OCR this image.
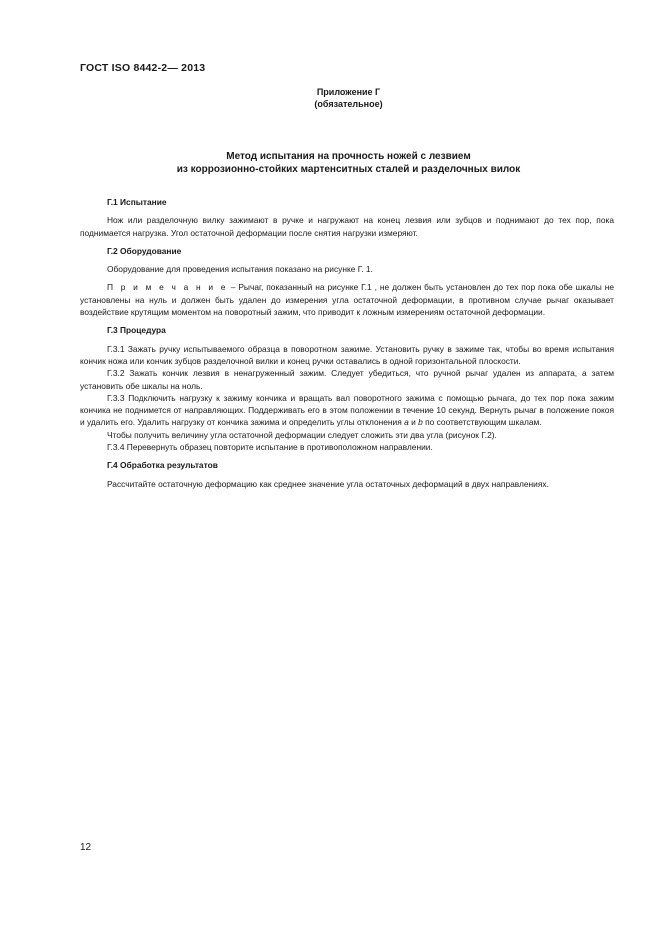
ГОСТ ISO 8442-2— 2013
Приложение Г
(обязательное)
Метод испытания на прочность ножей с лезвием
из коррозионно-стойких мартенситных сталей и разделочных вилок
Г.1 Испытание

Нож или разделочную вилку зажимают в ручке и нагружают на конец лезвия или зубцов и поднимают до тех пор, пока поднимается нагрузка. Угол остаточной деформации после снятия нагрузки измеряют.

Г.2 Оборудование

Оборудование для проведения испытания показано на рисунке Г. 1.

П р и м е ч а н и е – Рычаг, показанный на рисунке Г.1 , не должен быть установлен до тех пор пока обе шкалы не установлены на нуль и должен быть удален до измерения угла остаточной деформации, в противном случае рычаг оказывает воздействие крутящим моментом на поворотный зажим, что приводит к ложным измерениям остаточной деформации.

Г.3 Процедура

Г.3.1 Зажать ручку испытываемого образца в поворотном зажиме. Установить ручку в зажиме так, чтобы во время испытания кончик ножа или кончик зубцов разделочной вилки и конец ручки оставались в одной горизонтальной плоскости.

Г.3.2 Зажать кончик лезвия в ненагруженный зажим. Следует убедиться, что ручной рычаг удален из аппарата, а затем установить обе шкалы на ноль.

Г.3.3 Подключить нагрузку к зажиму кончика и вращать вал поворотного зажима с помощью рычага, до тех пор пока зажим кончика не поднимется от направляющих. Поддерживать его в этом положении в течение 10 секунд. Вернуть рычаг в положение покоя и удалить его. Удалить нагрузку от кончика зажима и определить углы отклонения a и b по соответствующим шкалам.

Чтобы получить величину угла остаточной деформации следует сложить эти два угла (рисунок Г.2).

Г.3.4 Перевернуть образец повторите испытание в противоположном направлении.

Г.4 Обработка результатов

Рассчитайте остаточную деформацию как среднее значение угла остаточных деформаций в двух направлениях.

12
